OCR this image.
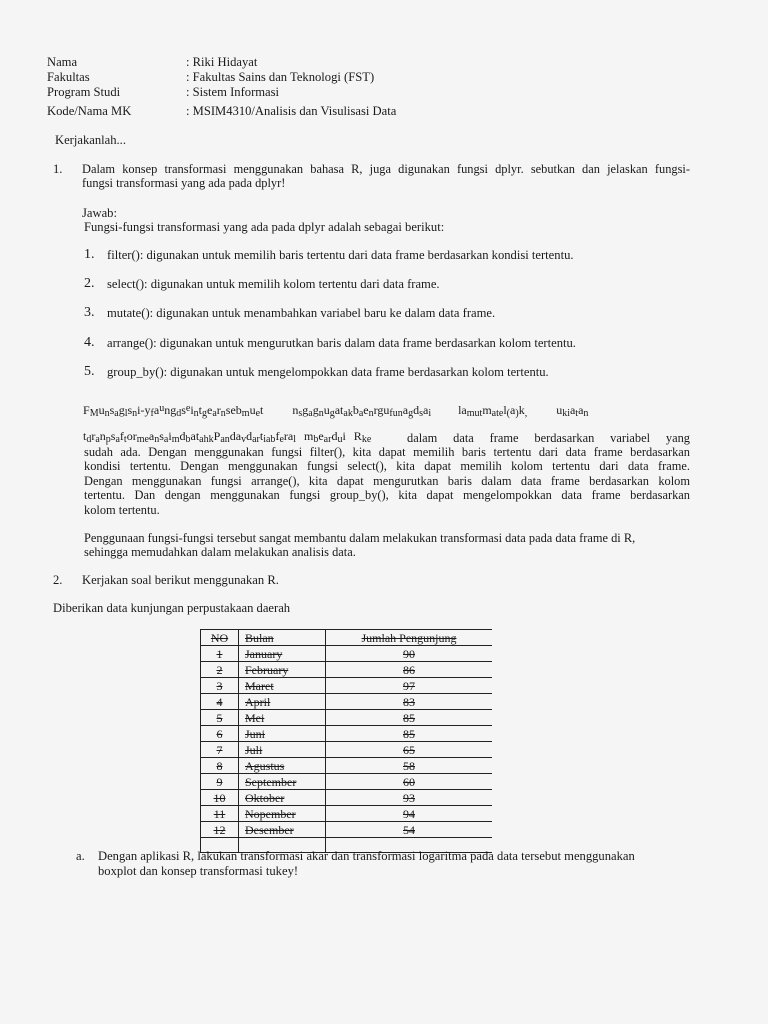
Nama	: Riki Hidayat
Fakultas	: Fakultas Sains dan Teknologi (FST)
Program Studi	: Sistem Informasi
Kode/Nama MK	: MSIM4310/Analisis dan Visulisasi Data
Kerjakanlah...
1. Dalam konsep transformasi menggunakan bahasa R, juga digunakan fungsi dplyr. sebutkan dan jelaskan fungsi-
fungsi transformasi yang ada pada dplyr!
Jawab:
Fungsi-fungsi transformasi yang ada pada dplyr adalah sebagai berikut:
1. filter(): digunakan untuk memilih baris tertentu dari data frame berdasarkan kondisi tertentu.
2. select(): digunakan untuk memilih kolom tertentu dari data frame.
3. mutate(): digunakan untuk menambahkan variabel baru ke dalam data frame.
4. arrange(): digunakan untuk mengurutkan baris dalam data frame berdasarkan kolom tertentu.
5. group_by(): digunakan untuk mengelompokkan data frame berdasarkan kolom tertentu.
$F_Mu_ns_ag_ls_ni-y_fa^ung_ds^ei_nt_ge_ar_nseb_mu_et$ $n_sg_ag_nu_gat_{ak}b_ae_nrgu_{fun}a_gd_sa_i$ $la_{mut}m_{ate}l_(a_)k_,$ $u_{ki}a_ta_n$
$t_dr_an_ps_af_tor_{me}a_ns_ai_md_bat_{ahk}P_{an}da_vd_{ar}t_{iab}f_era_l$ $m_be_{ar}d_ui$ $R_{ke}$	dalam data frame berdasarkan variabel yang
sudah ada. Dengan menggunakan fungsi filter(), kita dapat memilih baris tertentu dari data frame berdasarkan
kondisi tertentu. Dengan menggunakan fungsi select(), kita dapat memilih kolom tertentu dari data frame.
Dengan menggunakan fungsi arrange(), kita dapat mengurutkan baris dalam data frame berdasarkan kolom
tertentu. Dan dengan menggunakan fungsi group_by(), kita dapat mengelompokkan data frame berdasarkan
kolom tertentu.
Penggunaan fungsi-fungsi tersebut sangat membantu dalam melakukan transformasi data pada data frame di R,
sehingga memudahkan dalam melakukan analisis data.
2. Kerjakan soal berikut menggunakan R.
Diberikan data kunjungan perpustakaan daerah
NO	Bulan	Jumlah Pengunjung
1	January	90
2	February	86
3	Maret	97
4	April	83
5	Mei	85
6	Juni	85
7	Juli	65
8	Agustus	58
9	September	60
10	Oktober	93
11	Nopember	94
12	Desember	54

a. Dengan aplikasi R, lakukan transformasi akar dan transformasi logaritma pada data tersebut menggunakan
boxplot dan konsep transformasi tukey!
